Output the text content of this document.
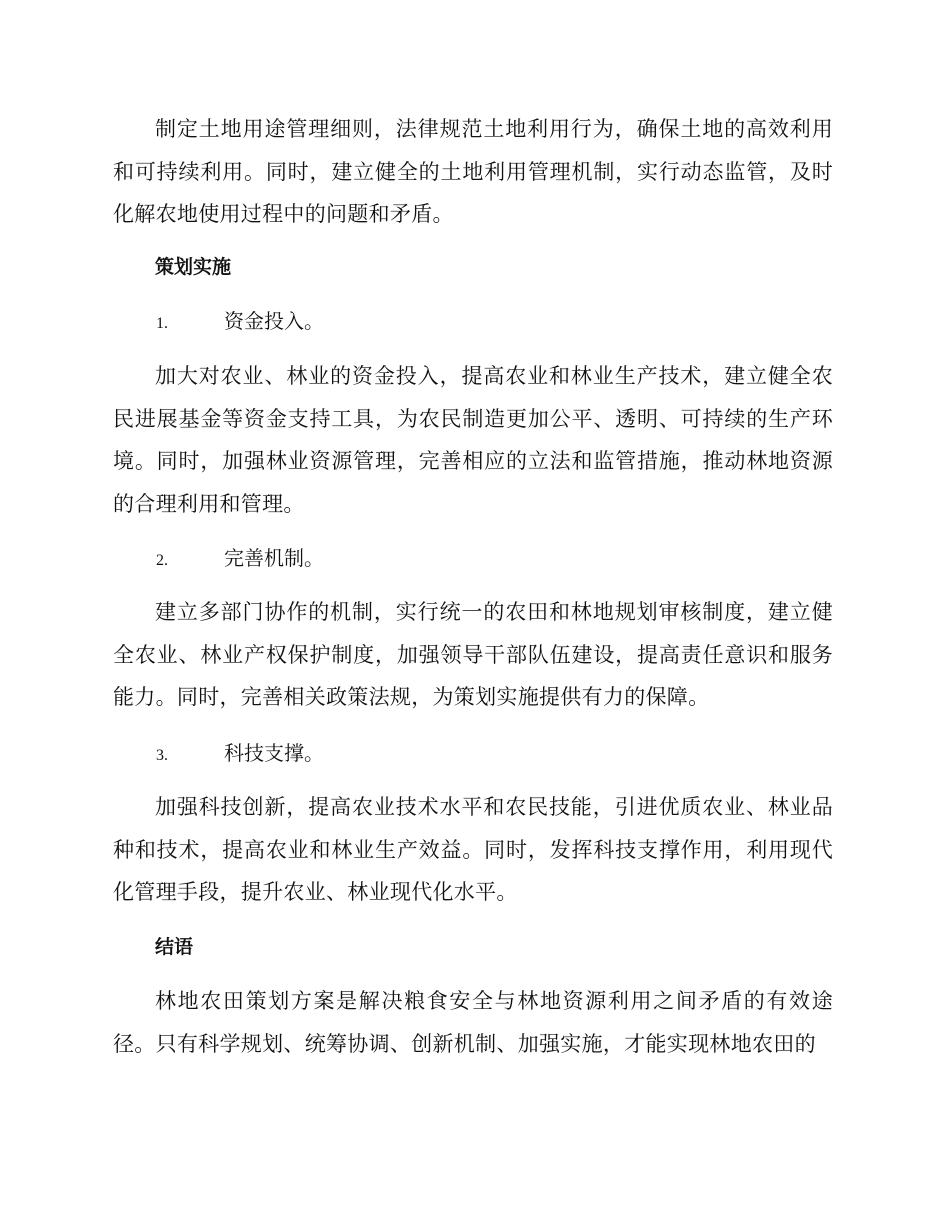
制定土地用途管理细则，法律规范土地利用行为，确保土地的高效利用和可持续利用。同时，建立健全的土地利用管理机制，实行动态监管，及时化解农地使用过程中的问题和矛盾。

策划实施
1.	资金投入。

加大对农业、林业的资金投入，提高农业和林业生产技术，建立健全农民进展基金等资金支持工具，为农民制造更加公平、透明、可持续的生产环境。同时，加强林业资源管理，完善相应的立法和监管措施，推动林地资源的合理利用和管理。

2.	完善机制。

建立多部门协作的机制，实行统一的农田和林地规划审核制度，建立健全农业、林业产权保护制度，加强领导干部队伍建设，提高责任意识和服务能力。同时，完善相关政策法规，为策划实施提供有力的保障。

3.	科技支撑。

加强科技创新，提高农业技术水平和农民技能，引进优质农业、林业品种和技术，提高农业和林业生产效益。同时，发挥科技支撑作用，利用现代化管理手段，提升农业、林业现代化水平。

结语

林地农田策划方案是解决粮食安全与林地资源利用之间矛盾的有效途径。只有科学规划、统筹协调、创新机制、加强实施，才能实现林地农田的
